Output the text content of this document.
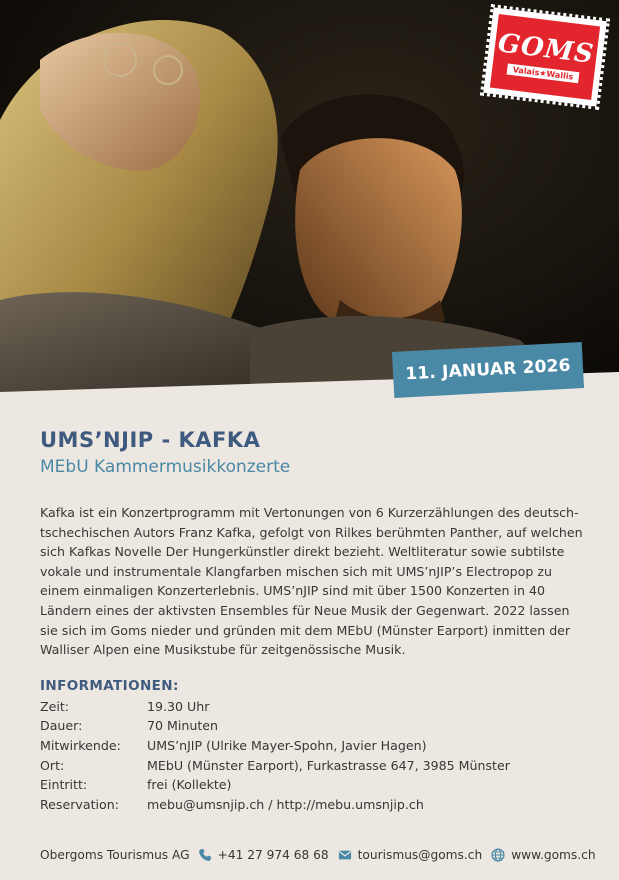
GOMS
Valais★Wallis
11. JANUAR 2026
UMS’NJIP - KAFKA
MEbU Kammermusikkonzerte

Kafka ist ein Konzertprogramm mit Vertonungen von 6 Kurzerzählungen des deutsch-tschechischen Autors Franz Kafka, gefolgt von Rilkes berühmten Panther, auf welchen sich Kafkas Novelle Der Hungerkünstler direkt bezieht. Weltliteratur sowie subtilste vokale und instrumentale Klangfarben mischen sich mit UMS’nJIP’s Electropop zu einem einmaligen Konzerterlebnis. UMS’nJIP sind mit über 1500 Konzerten in 40 Ländern eines der aktivsten Ensembles für Neue Musik der Gegenwart. 2022 lassen sie sich im Goms nieder und gründen mit dem MEbU (Münster Earport) inmitten der Walliser Alpen eine Musikstube für zeitgenössische Musik.

INFORMATIONEN:
Zeit:	19.30 Uhr
Dauer:	70 Minuten
Mitwirkende:	UMS’nJIP (Ulrike Mayer-Spohn, Javier Hagen)
Ort:	MEbU (Münster Earport), Furkastrasse 647, 3985 Münster
Eintritt:	frei (Kollekte)
Reservation:	mebu@umsnjip.ch / http://mebu.umsnjip.ch
Obergoms Tourismus AG +41 27 974 68 68 tourismus@goms.ch www.goms.ch
